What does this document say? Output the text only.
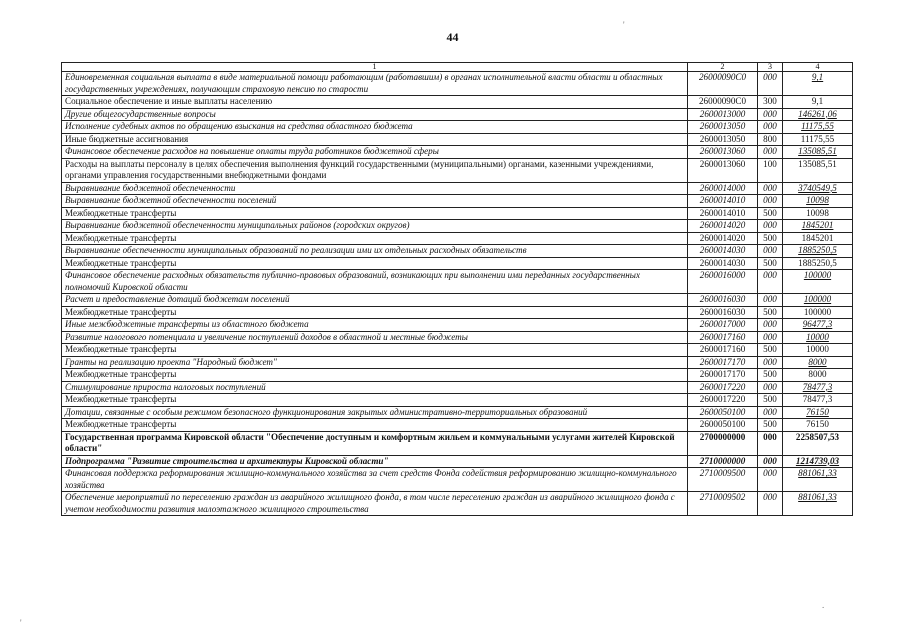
'
44
1	2	3	4
Единовременная социальная выплата в виде материальной помощи работающим (работавшим) в органах исполнительной власти области и областных государственных учреждениях, получающим страховую пенсию по старости	26000090C0	000	9,1
Социальное обеспечение и иные выплаты населению	26000090C0	300	9,1
Другие общегосударственные вопросы	2600013000	000	146261,06
Исполнение судебных актов по обращению взыскания на средства областного бюджета	2600013050	000	11175,55
Иные бюджетные ассигнования	2600013050	800	11175,55
Финансовое обеспечение расходов на повышение оплаты труда работников бюджетной сферы	2600013060	000	135085,51
Расходы на выплаты персоналу в целях обеспечения выполнения функций государственными (муниципальными) органами, казенными учреждениями, органами управления государственными внебюджетными фондами	2600013060	100	135085,51
Выравнивание бюджетной обеспеченности	2600014000	000	3740549,5
Выравнивание бюджетной обеспеченности поселений	2600014010	000	10098
Межбюджетные трансферты	2600014010	500	10098
Выравнивание бюджетной обеспеченности муниципальных районов (городских округов)	2600014020	000	1845201
Межбюджетные трансферты	2600014020	500	1845201
Выравнивание обеспеченности муниципальных образований по реализации ими их отдельных расходных обязательств	2600014030	000	1885250,5
Межбюджетные трансферты	2600014030	500	1885250,5
Финансовое обеспечение расходных обязательств публично-правовых образований, возникающих при выполнении ими переданных государственных полномочий Кировской области	2600016000	000	100000
Расчет и предоставление дотаций бюджетам поселений	2600016030	000	100000
Межбюджетные трансферты	2600016030	500	100000
Иные межбюджетные трансферты из областного бюджета	2600017000	000	96477,3
Развитие налогового потенциала и увеличение поступлений доходов в областной и местные бюджеты	2600017160	000	10000
Межбюджетные трансферты	2600017160	500	10000
Гранты на реализацию проекта "Народный бюджет"	2600017170	000	8000
Межбюджетные трансферты	2600017170	500	8000
Стимулирование прироста налоговых поступлений	2600017220	000	78477,3
Межбюджетные трансферты	2600017220	500	78477,3
Дотации, связанные с особым режимом безопасного функционирования закрытых административно-территориальных образований	2600050100	000	76150
Межбюджетные трансферты	2600050100	500	76150
Государственная программа Кировской области "Обеспечение доступным и комфортным жильем и коммунальными услугами жителей Кировской области"	2700000000	000	2258507,53
Подпрограмма "Развитие строительства и архитектуры Кировской области"	2710000000	000	1214739,03
Финансовая поддержка реформирования жилищно-коммунального хозяйства за счет средств Фонда содействия реформированию жилищно-коммунального хозяйства	2710009500	000	881061,33
Обеспечение мероприятий по переселению граждан из аварийного жилищного фонда, в том числе переселению граждан из аварийного жилищного фонда с учетом необходимости развития малоэтажного жилищного строительства	2710009502	000	881061,33
'
.
